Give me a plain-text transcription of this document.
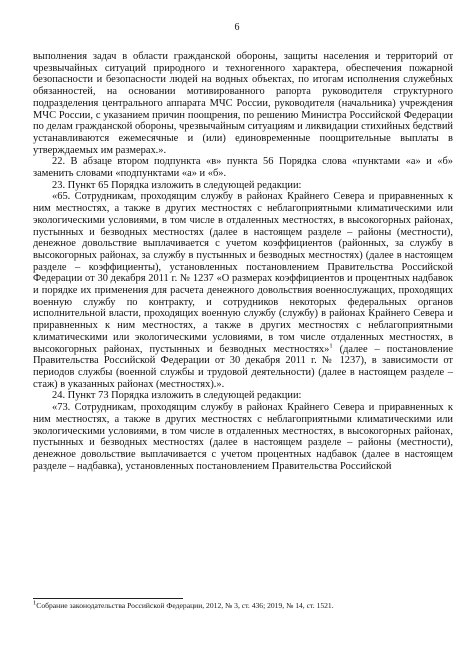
6

выполнения задач в области гражданской обороны, защиты населения и территорий от чрезвычайных ситуаций природного и техногенного характера, обеспечения пожарной безопасности и безопасности людей на водных объектах, по итогам исполнения служебных обязанностей, на основании мотивированного рапорта руководителя структурного подразделения центрального аппарата МЧС России, руководителя (начальника) учреждения МЧС России, с указанием причин поощрения, по решению Министра Российской Федерации по делам гражданской обороны, чрезвычайным ситуациям и ликвидации стихийных бедствий устанавливаются ежемесячные и (или) единовременные поощрительные выплаты в утверждаемых им размерах.».

22. В абзаце втором подпункта «в» пункта 56 Порядка слова «пунктами «а» и «б» заменить словами «подпунктами «а» и «б».

23. Пункт 65 Порядка изложить в следующей редакции:

«65. Сотрудникам, проходящим службу в районах Крайнего Севера и приравненных к ним местностях, а также в других местностях с неблагоприятными климатическими или экологическими условиями, в том числе в отдаленных местностях, в высокогорных районах, пустынных и безводных местностях (далее в настоящем разделе – районы (местности), денежное довольствие выплачивается с учетом коэффициентов (районных, за службу в высокогорных районах, за службу в пустынных и безводных местностях) (далее в настоящем разделе – коэффициенты), установленных постановлением Правительства Российской Федерации от 30 декабря 2011 г. № 1237 «О размерах коэффициентов и процентных надбавок и порядке их применения для расчета денежного довольствия военнослужащих, проходящих военную службу по контракту, и сотрудников некоторых федеральных органов исполнительной власти, проходящих военную службу (службу) в районах Крайнего Севера и приравненных к ним местностях, а также в других местностях с неблагоприятными климатическими или экологическими условиями, в том числе отдаленных местностях, в высокогорных районах, пустынных и безводных местностях»$^1$ (далее – постановление Правительства Российской Федерации от 30 декабря 2011 г. № 1237), в зависимости от периодов службы (военной службы и трудовой деятельности) (далее в настоящем разделе – стаж) в указанных районах (местностях).».

24. Пункт 73 Порядка изложить в следующей редакции:

«73. Сотрудникам, проходящим службу в районах Крайнего Севера и приравненных к ним местностях, а также в других местностях с неблагоприятными климатическими или экологическими условиями, в том числе в отдаленных местностях, в высокогорных районах, пустынных и безводных местностях (далее в настоящем разделе – районы (местности), денежное довольствие выплачивается с учетом процентных надбавок (далее в настоящем разделе – надбавка), установленных постановлением Правительства Российской

$^1$Собрание законодательства Российской Федерации, 2012, № 3, ст. 436; 2019, № 14, ст. 1521.
